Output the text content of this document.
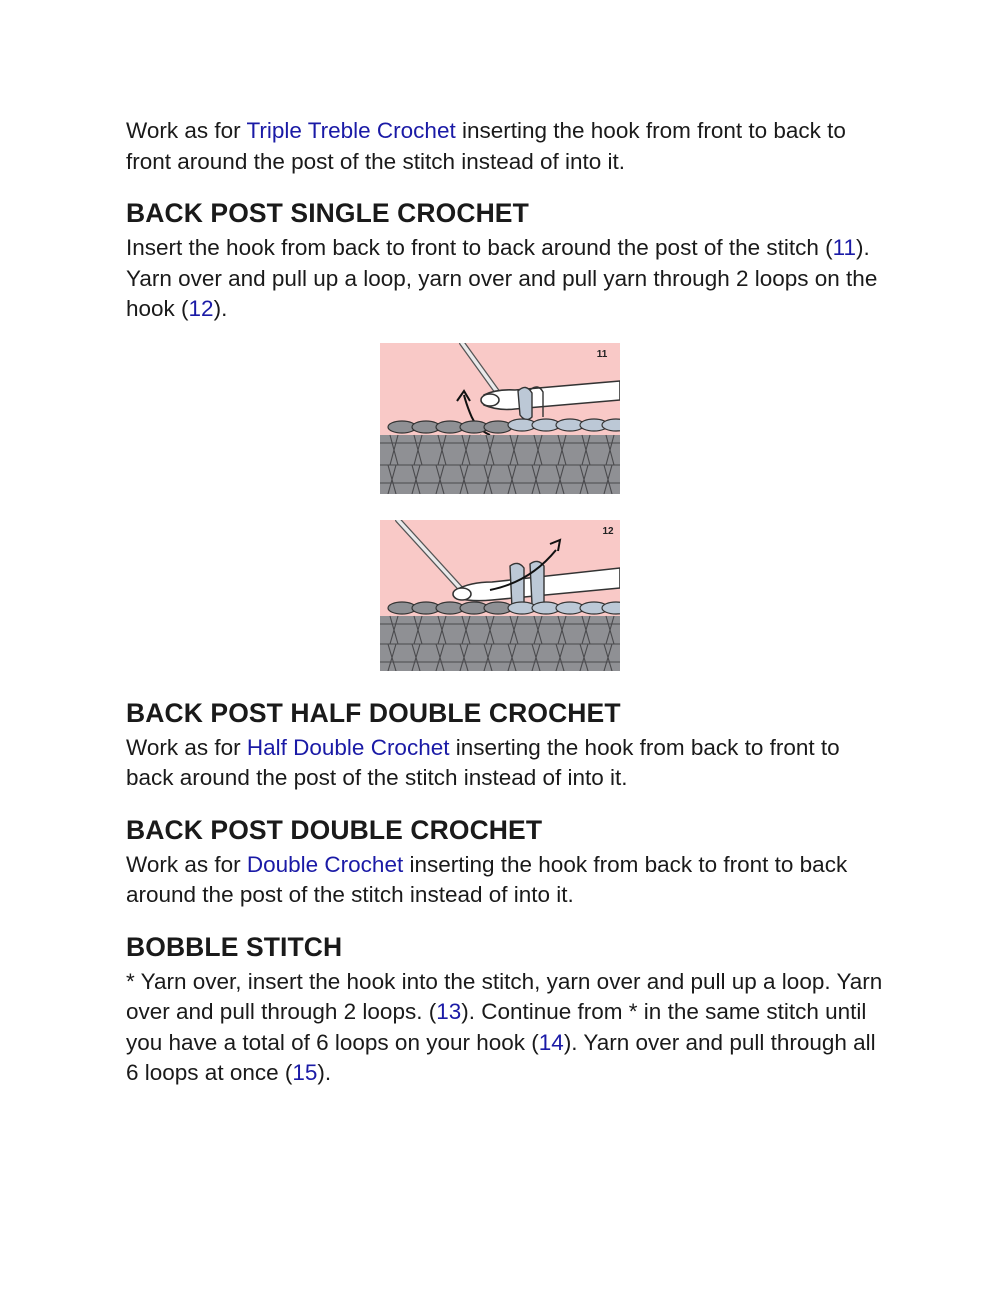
Work as for Triple Treble Crochet inserting the hook from front to back to front around the post of the stitch instead of into it.

BACK POST SINGLE CROCHET

Insert the hook from back to front to back around the post of the stitch (11). Yarn over and pull up a loop, yarn over and pull yarn through 2 loops on the hook (12).

11
12
BACK POST HALF DOUBLE CROCHET

Work as for Half Double Crochet inserting the hook from back to front to back around the post of the stitch instead of into it.

BACK POST DOUBLE CROCHET

Work as for Double Crochet inserting the hook from back to front to back around the post of the stitch instead of into it.

BOBBLE STITCH

* Yarn over, insert the hook into the stitch, yarn over and pull up a loop. Yarn over and pull through 2 loops. (13). Continue from * in the same stitch until you have a total of 6 loops on your hook (14). Yarn over and pull through all 6 loops at once (15).
